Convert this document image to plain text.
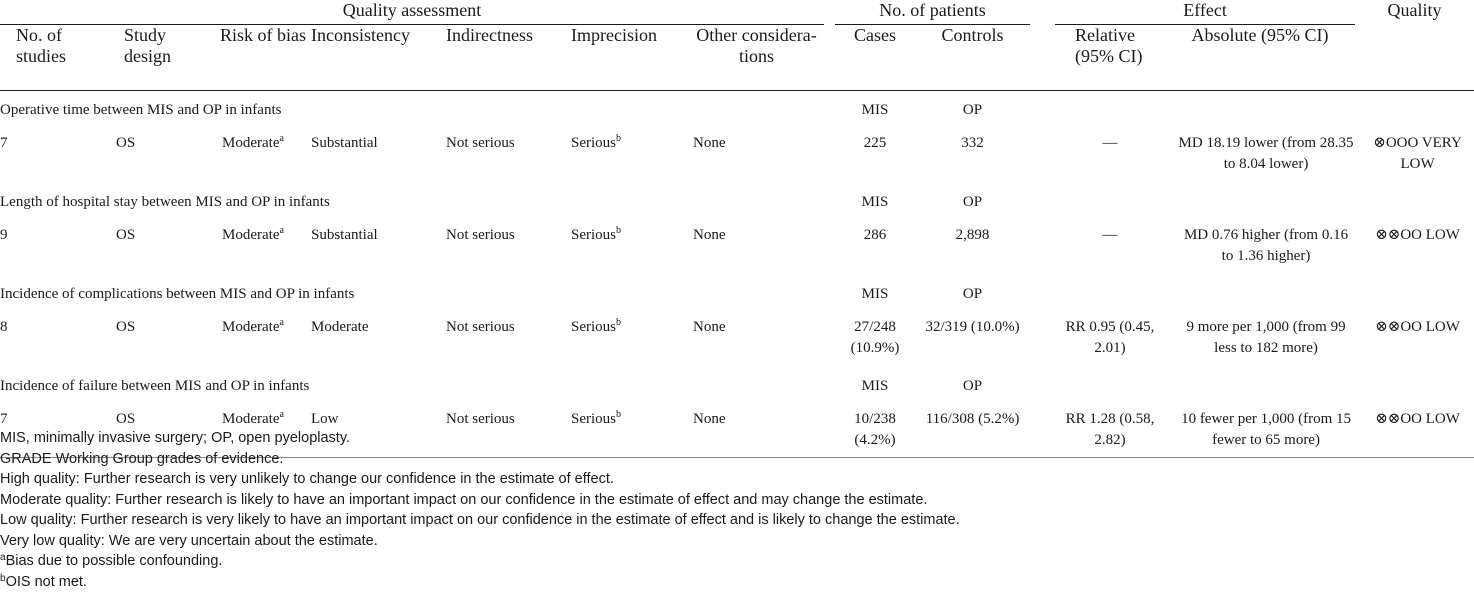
Quality assessment								No. of patients			Effect		Quality
No. of studies	Study design	Risk of bias	Inconsistency	Indirectness	Imprecision	Other considera-tions		Cases	Controls		Relative (95% CI)	Absolute (95% CI)	
Operative time between MIS and OP in infants								MIS	OP				
7	OS	Moderate$^a$	Substantial	Not serious	Serious$^b$	None		225	332		—	MD 18.19 lower (from 28.35 to 8.04 lower)	⊗OOO VERY LOW
Length of hospital stay between MIS and OP in infants								MIS	OP				
9	OS	Moderate$^a$	Substantial	Not serious	Serious$^b$	None		286	2,898		—	MD 0.76 higher (from 0.16 to 1.36 higher)	⊗⊗OO LOW
Incidence of complications between MIS and OP in infants								MIS	OP				
8	OS	Moderate$^a$	Moderate	Not serious	Serious$^b$	None		27/248 (10.9%)	32/319 (10.0%)		RR 0.95 (0.45, 2.01)	9 more per 1,000 (from 99 less to 182 more)	⊗⊗OO LOW
Incidence of failure between MIS and OP in infants								MIS	OP				
7	OS	Moderate$^a$	Low	Not serious	Serious$^b$	None		10/238 (4.2%)	116/308 (5.2%)		RR 1.28 (0.58, 2.82)	10 fewer per 1,000 (from 15 fewer to 65 more)	⊗⊗OO LOW
MIS, minimally invasive surgery; OP, open pyeloplasty.
GRADE Working Group grades of evidence.
High quality: Further research is very unlikely to change our confidence in the estimate of effect.
Moderate quality: Further research is likely to have an important impact on our confidence in the estimate of effect and may change the estimate.
Low quality: Further research is very likely to have an important impact on our confidence in the estimate of effect and is likely to change the estimate.
Very low quality: We are very uncertain about the estimate.
$^a$Bias due to possible confounding.
$^b$OIS not met.
